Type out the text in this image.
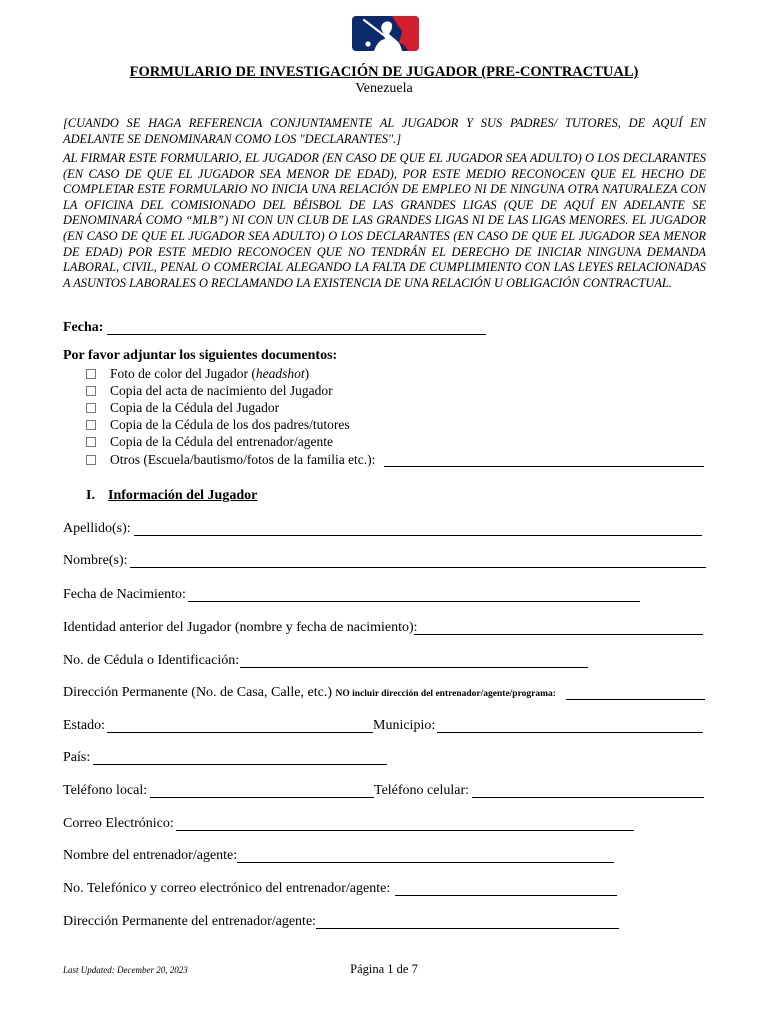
FORMULARIO DE INVESTIGACIÓN DE JUGADOR (PRE-CONTRACTUAL)
Venezuela
[CUANDO SE HAGA REFERENCIA CONJUNTAMENTE AL JUGADOR Y SUS PADRES/ TUTORES, DE AQUÍ EN ADELANTE SE DENOMINARAN COMO LOS "DECLARANTES".]
AL FIRMAR ESTE FORMULARIO, EL JUGADOR (EN CASO DE QUE EL JUGADOR SEA ADULTO) O LOS DECLARANTES (EN CASO DE QUE EL JUGADOR SEA MENOR DE EDAD), POR ESTE MEDIO RECONOCEN QUE EL HECHO DE COMPLETAR ESTE FORMULARIO NO INICIA UNA RELACIÓN DE EMPLEO NI DE NINGUNA OTRA NATURALEZA CON LA OFICINA DEL COMISIONADO DEL BÉISBOL DE LAS GRANDES LIGAS (QUE DE AQUÍ EN ADELANTE SE DENOMINARÁ COMO “MLB”) NI CON UN CLUB DE LAS GRANDES LIGAS NI DE LAS LIGAS MENORES. EL JUGADOR (EN CASO DE QUE EL JUGADOR SEA ADULTO) O LOS DECLARANTES (EN CASO DE QUE EL JUGADOR SEA MENOR DE EDAD) POR ESTE MEDIO RECONOCEN QUE NO TENDRÁN EL DERECHO DE INICIAR NINGUNA DEMANDA LABORAL, CIVIL, PENAL O COMERCIAL ALEGANDO LA FALTA DE CUMPLIMIENTO CON LAS LEYES RELACIONADAS A ASUNTOS LABORALES O RECLAMANDO LA EXISTENCIA DE UNA RELACIÓN U OBLIGACIÓN CONTRACTUAL.
Fecha:
Por favor adjuntar los siguientes documentos:
Foto de color del Jugador (headshot)
Copia del acta de nacimiento del Jugador
Copia de la Cédula del Jugador
Copia de la Cédula de los dos padres/tutores
Copia de la Cédula del entrenador/agente
Otros (Escuela/bautismo/fotos de la familia etc.):
I. Información del Jugador
Apellido(s):
Nombre(s):
Fecha de Nacimiento:
Identidad anterior del Jugador (nombre y fecha de nacimiento):
No. de Cédula o Identificación:
Dirección Permanente (No. de Casa, Calle, etc.) NO incluir dirección del entrenador/agente/programa:
Estado:	Municipio:
País:
Teléfono local:	Teléfono celular:
Correo Electrónico:
Nombre del entrenador/agente:
No. Telefónico y correo electrónico del entrenador/agente:
Dirección Permanente del entrenador/agente:
Last Updated: December 20, 2023	Página 1 de 7
